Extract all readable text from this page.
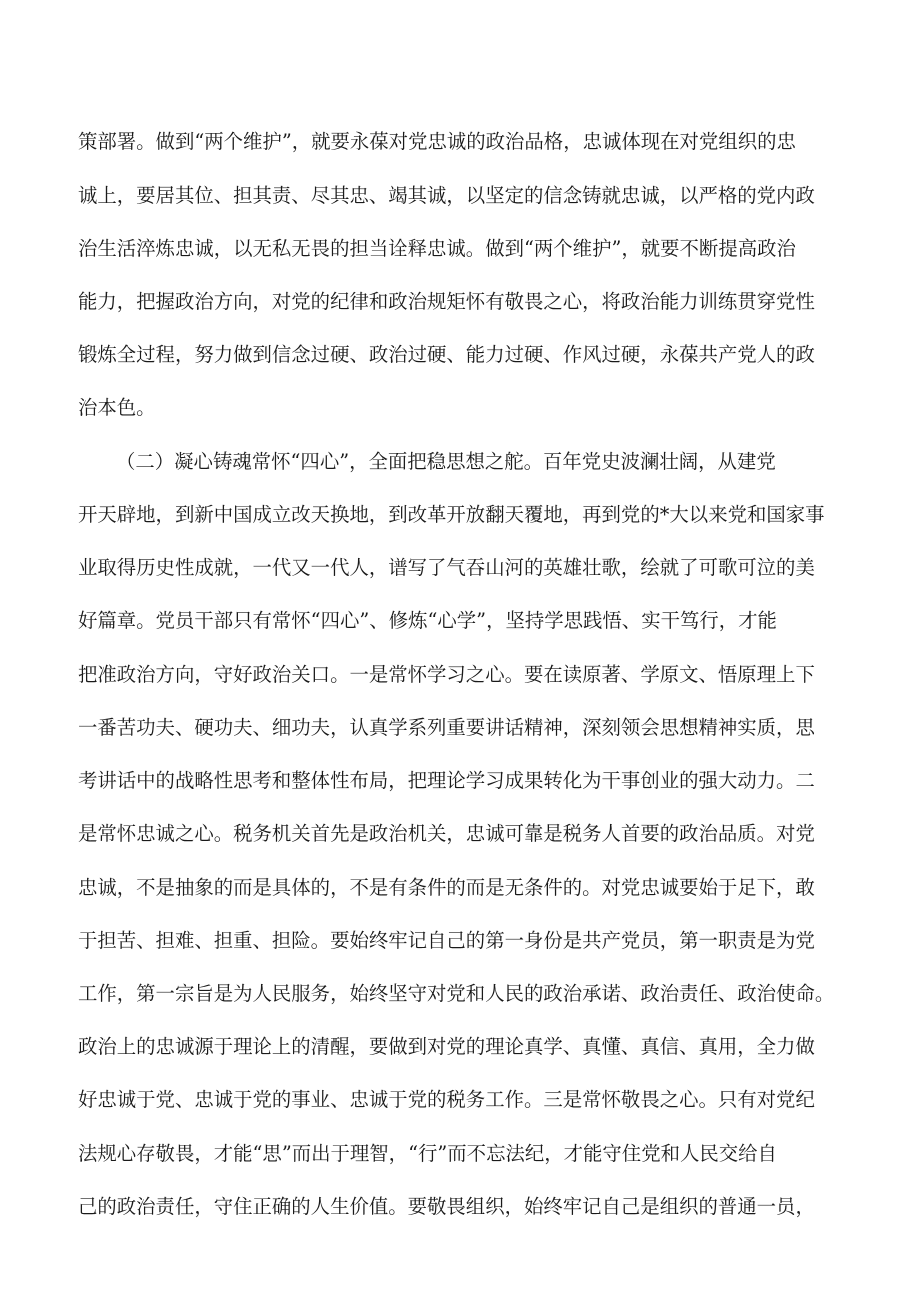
策部署。做到“两个维护”，就要永葆对党忠诚的政治品格，忠诚体现在对党组织的忠
诚上，要居其位、担其责、尽其忠、竭其诚，以坚定的信念铸就忠诚，以严格的党内政
治生活淬炼忠诚，以无私无畏的担当诠释忠诚。做到“两个维护”，就要不断提高政治
能力，把握政治方向，对党的纪律和政治规矩怀有敬畏之心，将政治能力训练贯穿党性
锻炼全过程，努力做到信念过硬、政治过硬、能力过硬、作风过硬，永葆共产党人的政
治本色。
（二）凝心铸魂常怀“四心”，全面把稳思想之舵。百年党史波澜壮阔，从建党
开天辟地，到新中国成立改天换地，到改革开放翻天覆地，再到党的*大以来党和国家事
业取得历史性成就，一代又一代人，谱写了气吞山河的英雄壮歌，绘就了可歌可泣的美
好篇章。党员干部只有常怀“四心”、修炼“心学”，坚持学思践悟、实干笃行，才能
把准政治方向，守好政治关口。一是常怀学习之心。要在读原著、学原文、悟原理上下
一番苦功夫、硬功夫、细功夫，认真学系列重要讲话精神，深刻领会思想精神实质，思
考讲话中的战略性思考和整体性布局，把理论学习成果转化为干事创业的强大动力。二
是常怀忠诚之心。税务机关首先是政治机关，忠诚可靠是税务人首要的政治品质。对党
忠诚，不是抽象的而是具体的，不是有条件的而是无条件的。对党忠诚要始于足下，敢
于担苦、担难、担重、担险。要始终牢记自己的第一身份是共产党员，第一职责是为党
工作，第一宗旨是为人民服务，始终坚守对党和人民的政治承诺、政治责任、政治使命。
政治上的忠诚源于理论上的清醒，要做到对党的理论真学、真懂、真信、真用，全力做
好忠诚于党、忠诚于党的事业、忠诚于党的税务工作。三是常怀敬畏之心。只有对党纪
法规心存敬畏，才能“思”而出于理智，“行”而不忘法纪，才能守住党和人民交给自
己的政治责任，守住正确的人生价值。要敬畏组织，始终牢记自己是组织的普通一员，
